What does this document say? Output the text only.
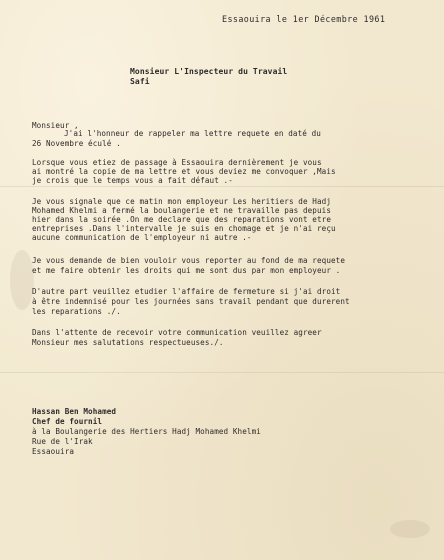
Essaouira le 1er Décembre 1961
Monsieur L'Inspecteur du Travail
Safi
Monsieur ,
J'ai l'honneur de rappeler ma lettre requete en daté du
26 Novembre éculé .
Lorsque vous etiez de passage à Essaouira dernièrement je vous
ai montré la copie de ma lettre et vous deviez me convoquer ,Mais
je crois que le temps vous a fait défaut .-
Je vous signale que ce matin mon employeur Les heritiers de Hadj
Mohamed Khelmi a fermé la boulangerie et ne travaille pas depuis
hier dans la soirée .On me declare que des reparations vont etre
entreprises .Dans l'intervalle je suis en chomage et je n'ai reçu
aucune communication de l'employeur ni autre .-
Je vous demande de bien vouloir vous reporter au fond de ma requete
et me faire obtenir les droits qui me sont dus par mon employeur .
D'autre part veuillez etudier l'affaire de fermeture si j'ai droit
à être indemnisé pour les journées sans travail pendant que durerent
les reparations ./.
Dans l'attente de recevoir votre communication veuillez agreer
Monsieur mes salutations respectueuses./.
Hassan Ben Mohamed
Chef de fournil
à la Boulangerie des Hertiers Hadj Mohamed Khelmi
Rue de l'Irak
Essaouira
